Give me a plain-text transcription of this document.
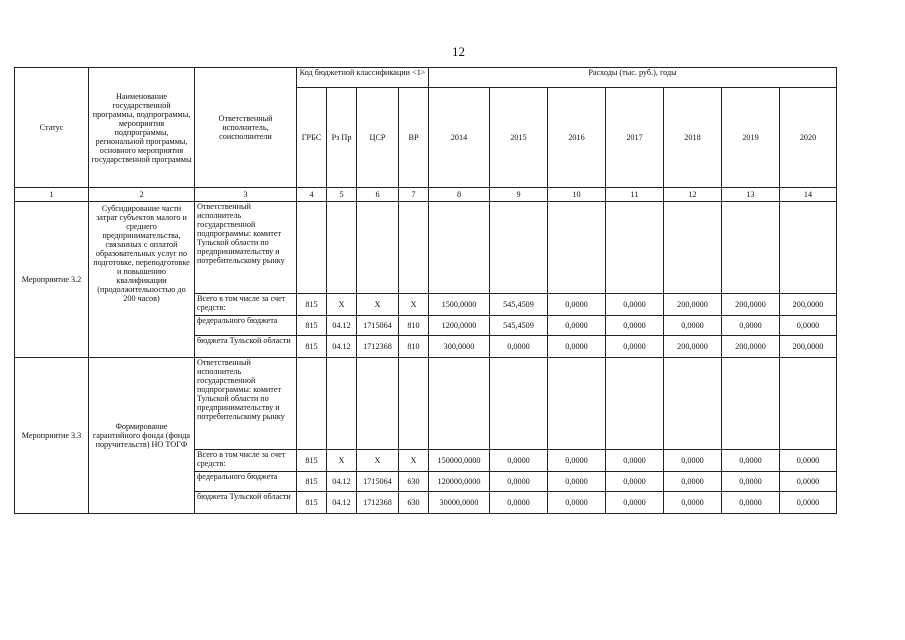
12
Статус	Наименование государственной программы, подпрограммы, мероприятия подпрограммы, региональной программы, основного мероприятия государственной программы	Ответственный исполнитель, соисполнители	Код бюджетной классификации <1>				Расходы (тыс. руб.), годы						
			ГРБС	Рз Пр	ЦСР	ВР	2014	2015	2016	2017	2018	2019	2020
1	2	3	4	5	6	7	8	9	10	11	12	13	14
Мероприятие 3.2	Субсидирование части затрат субъектов малого и среднего предпринимательства, связанных с оплатой образовательных услуг по подготовке, переподготовке и повышению квалификации (продолжительностью до 200 часов)	Ответственный исполнитель государственной подпрограммы: комитет Тульской области по предпринимательству и потребительскому рынку											
		Всего в том числе за счет средств:	815	X	X	X	1500,0000	545,4509	0,0000	0,0000	200,0000	200,0000	200,0000
		федерального бюджета	815	04.12	1715064	810	1200,0000	545,4509	0,0000	0,0000	0,0000	0,0000	0,0000
		бюджета Тульской области	815	04.12	1712368	810	300,0000	0,0000	0,0000	0,0000	200,0000	200,0000	200,0000
Мероприятие 3.3	Формирование гарантийного фонда (фонда поручительств) НО ТОГФ	Ответственный исполнитель государственной подпрограммы: комитет Тульской области по предпринимательству и потребительскому рынку											
		Всего в том числе за счет средств:	815	X	X	X	150000,0000	0,0000	0,0000	0,0000	0,0000	0,0000	0,0000
		федерального бюджета	815	04.12	1715064	630	120000,0000	0,0000	0,0000	0,0000	0,0000	0,0000	0,0000
		бюджета Тульской области	815	04.12	1712368	630	30000,0000	0,0000	0,0000	0,0000	0,0000	0,0000	0,0000
